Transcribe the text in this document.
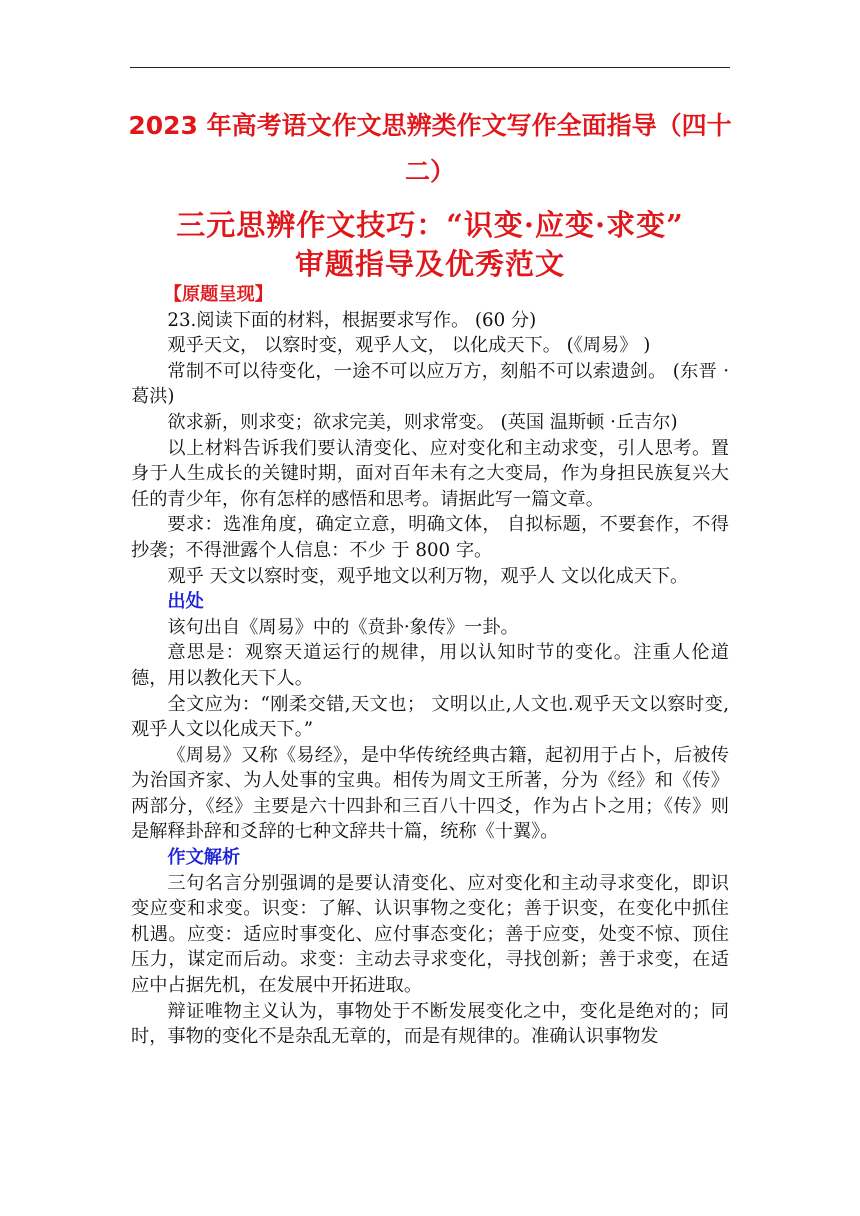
2023 年高考语文作文思辨类作文写作全面指导（四十
二）
三元思辨作文技巧：“识变·应变·求变”
审题指导及优秀范文

【原题呈现】

23.阅读下面的材料，根据要求写作。 (60 分)

观乎天文， 以察时变，观乎人文， 以化成天下。 (《周易》 )

常制不可以待变化，一途不可以应万方，刻船不可以索遗剑。 (东晋 ·葛洪)

欲求新，则求变；欲求完美，则求常变。 (英国 温斯顿 ·丘吉尔)

以上材料告诉我们要认清变化、应对变化和主动求变，引人思考。置身于人生成长的关键时期，面对百年未有之大变局，作为身担民族复兴大任的青少年，你有怎样的感悟和思考。请据此写一篇文章。

要求：选准角度，确定立意，明确文体， 自拟标题，不要套作，不得抄袭；不得泄露个人信息：不少 于 800 字。

观乎 天文以察时变，观乎地文以利万物，观乎人 文以化成天下。

出处

该句出自《周易》中的《贲卦·象传》一卦。

意思是：观察天道运行的规律，用以认知时节的变化。注重人伦道德，用以教化天下人。

全文应为：“刚柔交错,天文也； 文明以止,人文也.观乎天文以察时变,观乎人文以化成天下。”

《周易》又称《易经》，是中华传统经典古籍，起初用于占卜，后被传为治国齐家、为人处事的宝典。相传为周文王所著，分为《经》和《传》两部分，《经》主要是六十四卦和三百八十四爻，作为占卜之用；《传》则是解释卦辞和爻辞的七种文辞共十篇，统称《十翼》。

作文解析

三句名言分别强调的是要认清变化、应对变化和主动寻求变化，即识变应变和求变。识变：了解、认识事物之变化；善于识变，在变化中抓住机遇。应变：适应时事变化、应付事态变化；善于应变，处变不惊、顶住压力，谋定而后动。求变：主动去寻求变化，寻找创新；善于求变，在适应中占据先机，在发展中开拓进取。

辩证唯物主义认为，事物处于不断发展变化之中，变化是绝对的；同时，事物的变化不是杂乱无章的，而是有规律的。准确认识事物发
